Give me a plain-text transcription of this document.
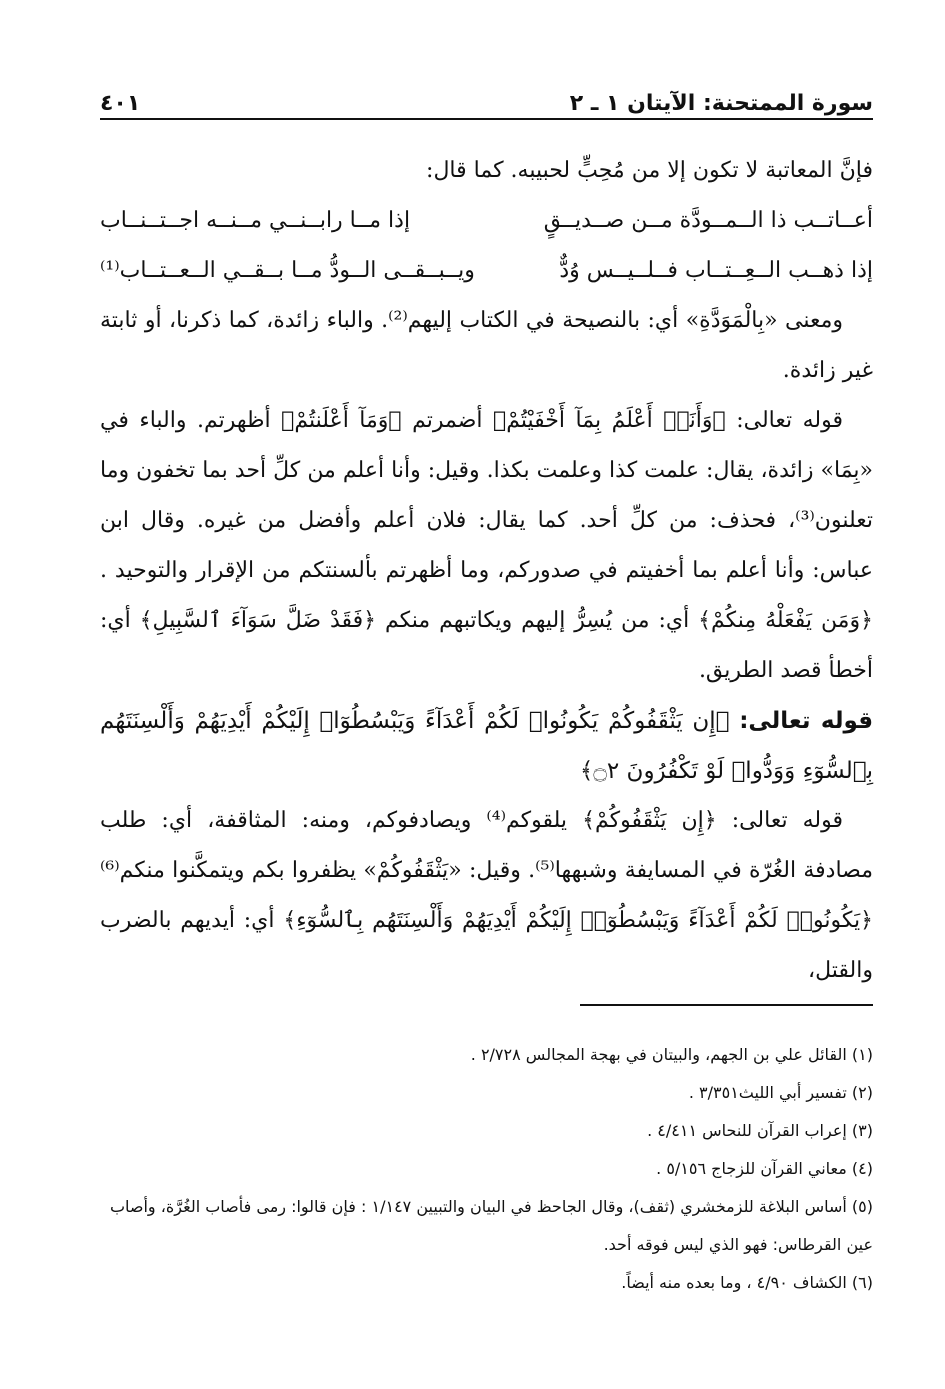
سورة الممتحنة: الآيتان ١ ـ ٢
٤٠١

فإنَّ المعاتبة لا تكون إلا من مُحِبٍّ لحبيبه. كما قال:

أعــاتــب ذا الــمــودَّة مــن صــديــقٍ
إذا مــا رابــنــي مــنــه اجــتــنــاب
إذا ذهــب الــعِــتــاب فــلــيــس وُدٌّ
ويــبــقــى الــودُّ مــا بــقــي الــعــتــاب⁽¹⁾

ومعنى «بِالْمَوَدَّةِ» أي: بالنصيحة في الكتاب إليهم⁽²⁾. والباء زائدة، كما ذكرنا، أو ثابتة غير زائدة.

قوله تعالى: ﴿وَأَنَا۠ أَعْلَمُ بِمَآ أَخْفَيْتُمْ﴾ أضمرتم ﴿وَمَآ أَعْلَنتُمْ﴾ أظهرتم. والباء في «بِمَا» زائدة، يقال: علمت كذا وعلمت بكذا. وقيل: وأنا أعلم من كلِّ أحد بما تخفون وما تعلنون⁽³⁾، فحذف: من كلِّ أحد. كما يقال: فلان أعلم وأفضل من غيره. وقال ابن عباس: وأنا أعلم بما أخفيتم في صدوركم، وما أظهرتم بألسنتكم من الإقرار والتوحيد .﴿وَمَن يَفْعَلْهُ مِنكُمْ﴾ أي: من يُسِرُّ إليهم ويكاتبهم منكم ﴿فَقَدْ ضَلَّ سَوَآءَ ٱلسَّبِيلِ﴾ أي: أخطأ قصد الطريق.

قوله تعالى: ﴿إِن يَثْقَفُوكُمْ يَكُونُوا۟ لَكُمْ أَعْدَآءً وَيَبْسُطُوٓا۟ إِلَيْكُمْ أَيْدِيَهُمْ وَأَلْسِنَتَهُم بِٱلسُّوٓءِ وَوَدُّوا۟ لَوْ تَكْفُرُونَ ۝٢﴾

قوله تعالى: ﴿إِن يَثْقَفُوكُمْ﴾ يلقوكم⁽⁴⁾ ويصادفوكم، ومنه: المثاقفة، أي: طلب مصادفة الغُرّة في المسايفة وشبهها⁽⁵⁾. وقيل: «يَثْقَفُوكُمْ» يظفروا بكم ويتمكَّنوا منكم⁽⁶⁾ ﴿يَكُونُوا۟ لَكُمْ أَعْدَآءً وَيَبْسُطُوٓا۟ إِلَيْكُمْ أَيْدِيَهُمْ وَأَلْسِنَتَهُم بِٱلسُّوٓءِ﴾ أي: أيديهم بالضرب والقتل،

(١) القائل علي بن الجهم، والبيتان في بهجة المجالس ٢/٧٢٨ .
(٢) تفسير أبي الليث٣/٣٥١ .
(٣) إعراب القرآن للنحاس ٤/٤١١ .
(٤) معاني القرآن للزجاج ٥/١٥٦ .
(٥) أساس البلاغة للزمخشري (ثقف)، وقال الجاحظ في البيان والتبيين ١/١٤٧ : فإن قالوا: رمى فأصاب الغُرَّة، وأصاب عين القرطاس: فهو الذي ليس فوقه أحد.
(٦) الكشاف ٤/٩٠ ، وما بعده منه أيضاً.
